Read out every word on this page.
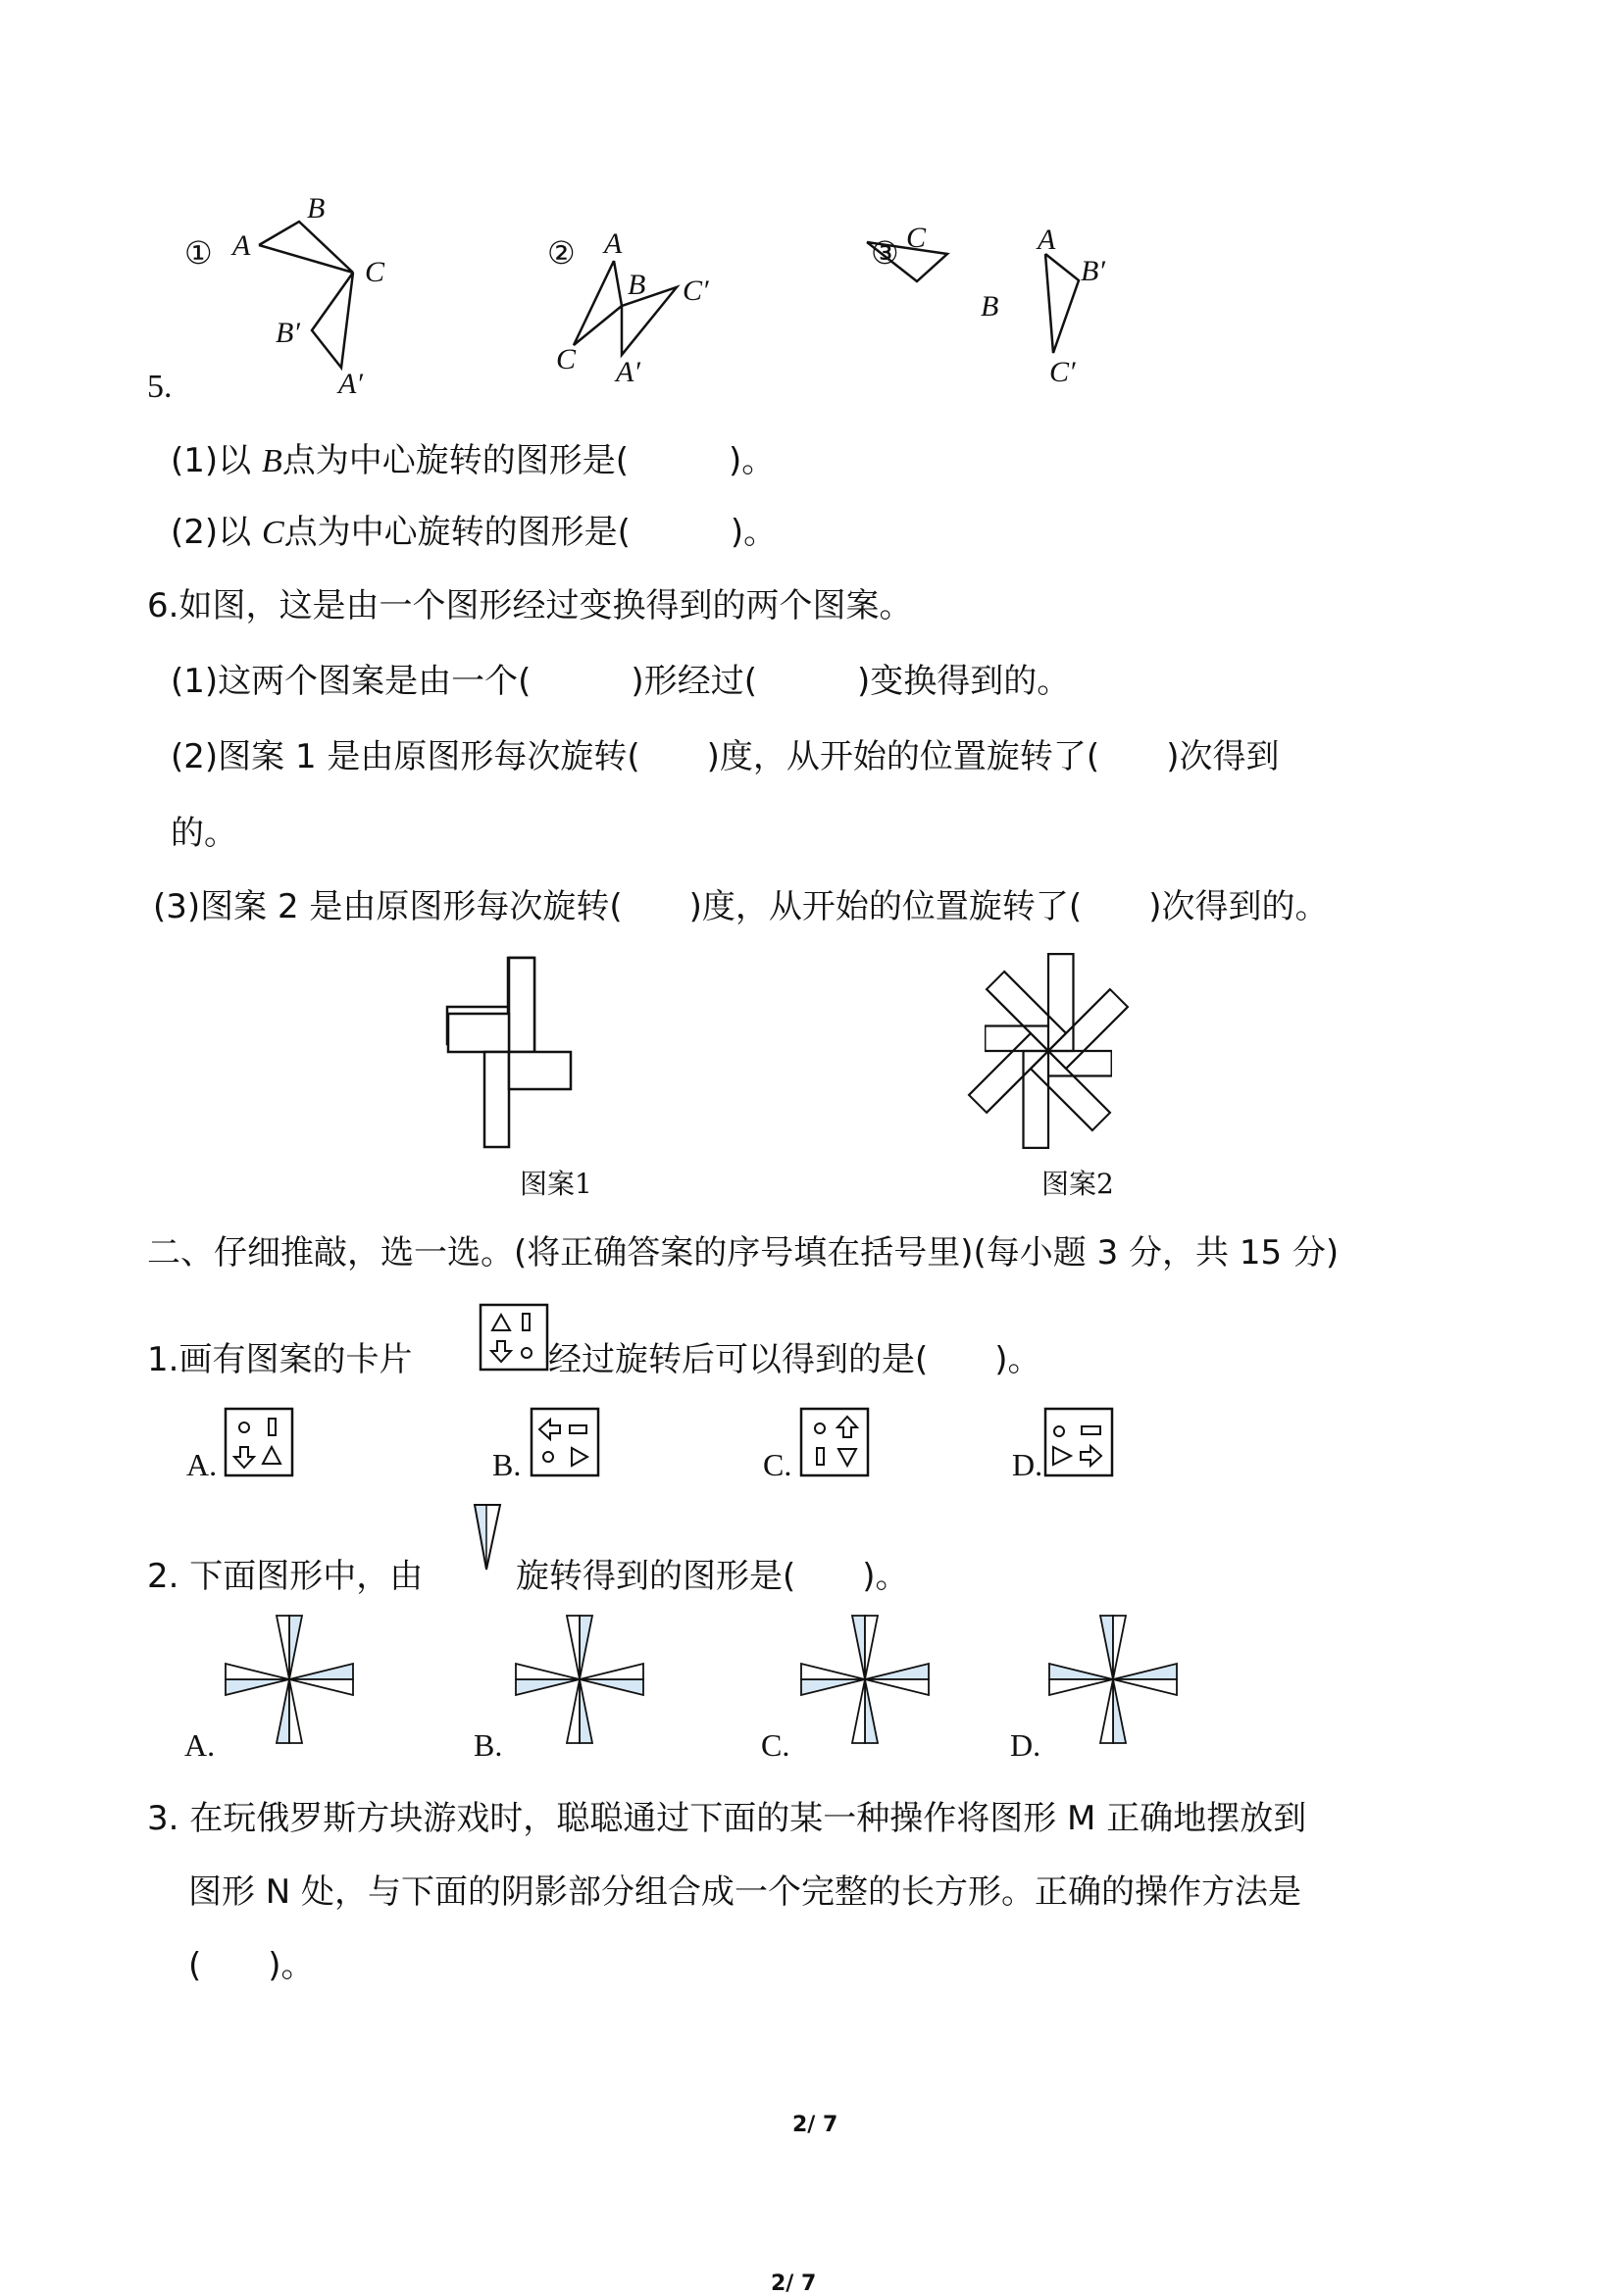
① A
B
C
B′
A′
② A
B
C
C′
A′
③ C	A
B
B′
C′
5.
(1)以 B点为中心旋转的图形是(　　　)。
(2)以 C点为中心旋转的图形是(　　　)。
6.如图，这是由一个图形经过变换得到的两个图案。
(1)这两个图案是由一个(　　　)形经过(　　　)变换得到的。
(2)图案 1 是由原图形每次旋转(　　)度，从开始的位置旋转了(　　)次得到
的。
(3)图案 2 是由原图形每次旋转(　　)度，从开始的位置旋转了(　　)次得到的。
图案1	图案2
二、仔细推敲，选一选。(将正确答案的序号填在括号里)(每小题 3 分，共 15 分)
1.画有图案的卡片	经过旋转后可以得到的是(　　)。
A.	B.	C.	D.
2. 下面图形中，由	旋转得到的图形是(　　)。
A.	B.	C.	D.
3. 在玩俄罗斯方块游戏时，聪聪通过下面的某一种操作将图形 M 正确地摆放到
图形 N 处，与下面的阴影部分组合成一个完整的长方形。正确的操作方法是
(　　)。
2/ 7
2/ 7
